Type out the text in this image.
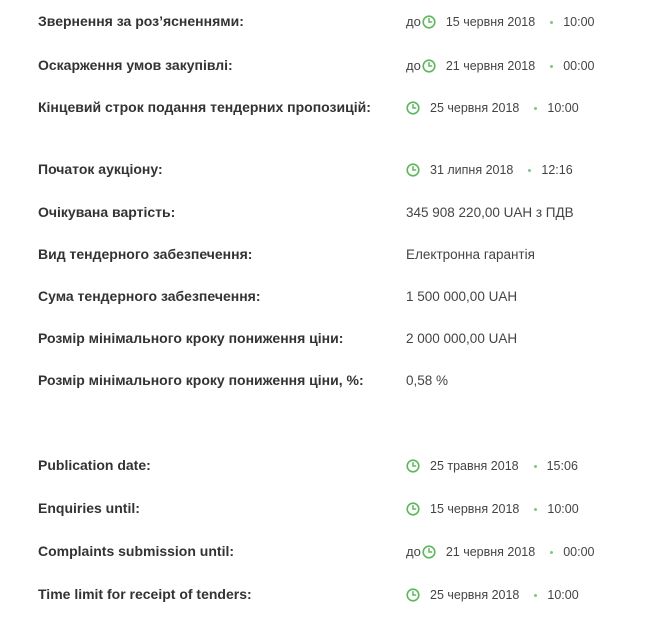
Звернення за роз’ясненнями:	до 15 червня 2018 10:00
Оскарження умов закупівлі:	до 21 червня 2018 00:00
Кінцевий строк подання тендерних пропозицій:	25 червня 2018 10:00
Початок аукціону:	31 липня 2018 12:16
Очікувана вартість:	345 908 220,00 UAH з ПДВ
Вид тендерного забезпечення:	Електронна гарантія
Сума тендерного забезпечення:	1 500 000,00 UAH
Розмір мінімального кроку пониження ціни:	2 000 000,00 UAH
Розмір мінімального кроку пониження ціни, %:	0,58 %
Publication date:	25 травня 2018 15:06
Enquiries until:	15 червня 2018 10:00
Complaints submission until:	до 21 червня 2018 00:00
Time limit for receipt of tenders:	25 червня 2018 10:00
